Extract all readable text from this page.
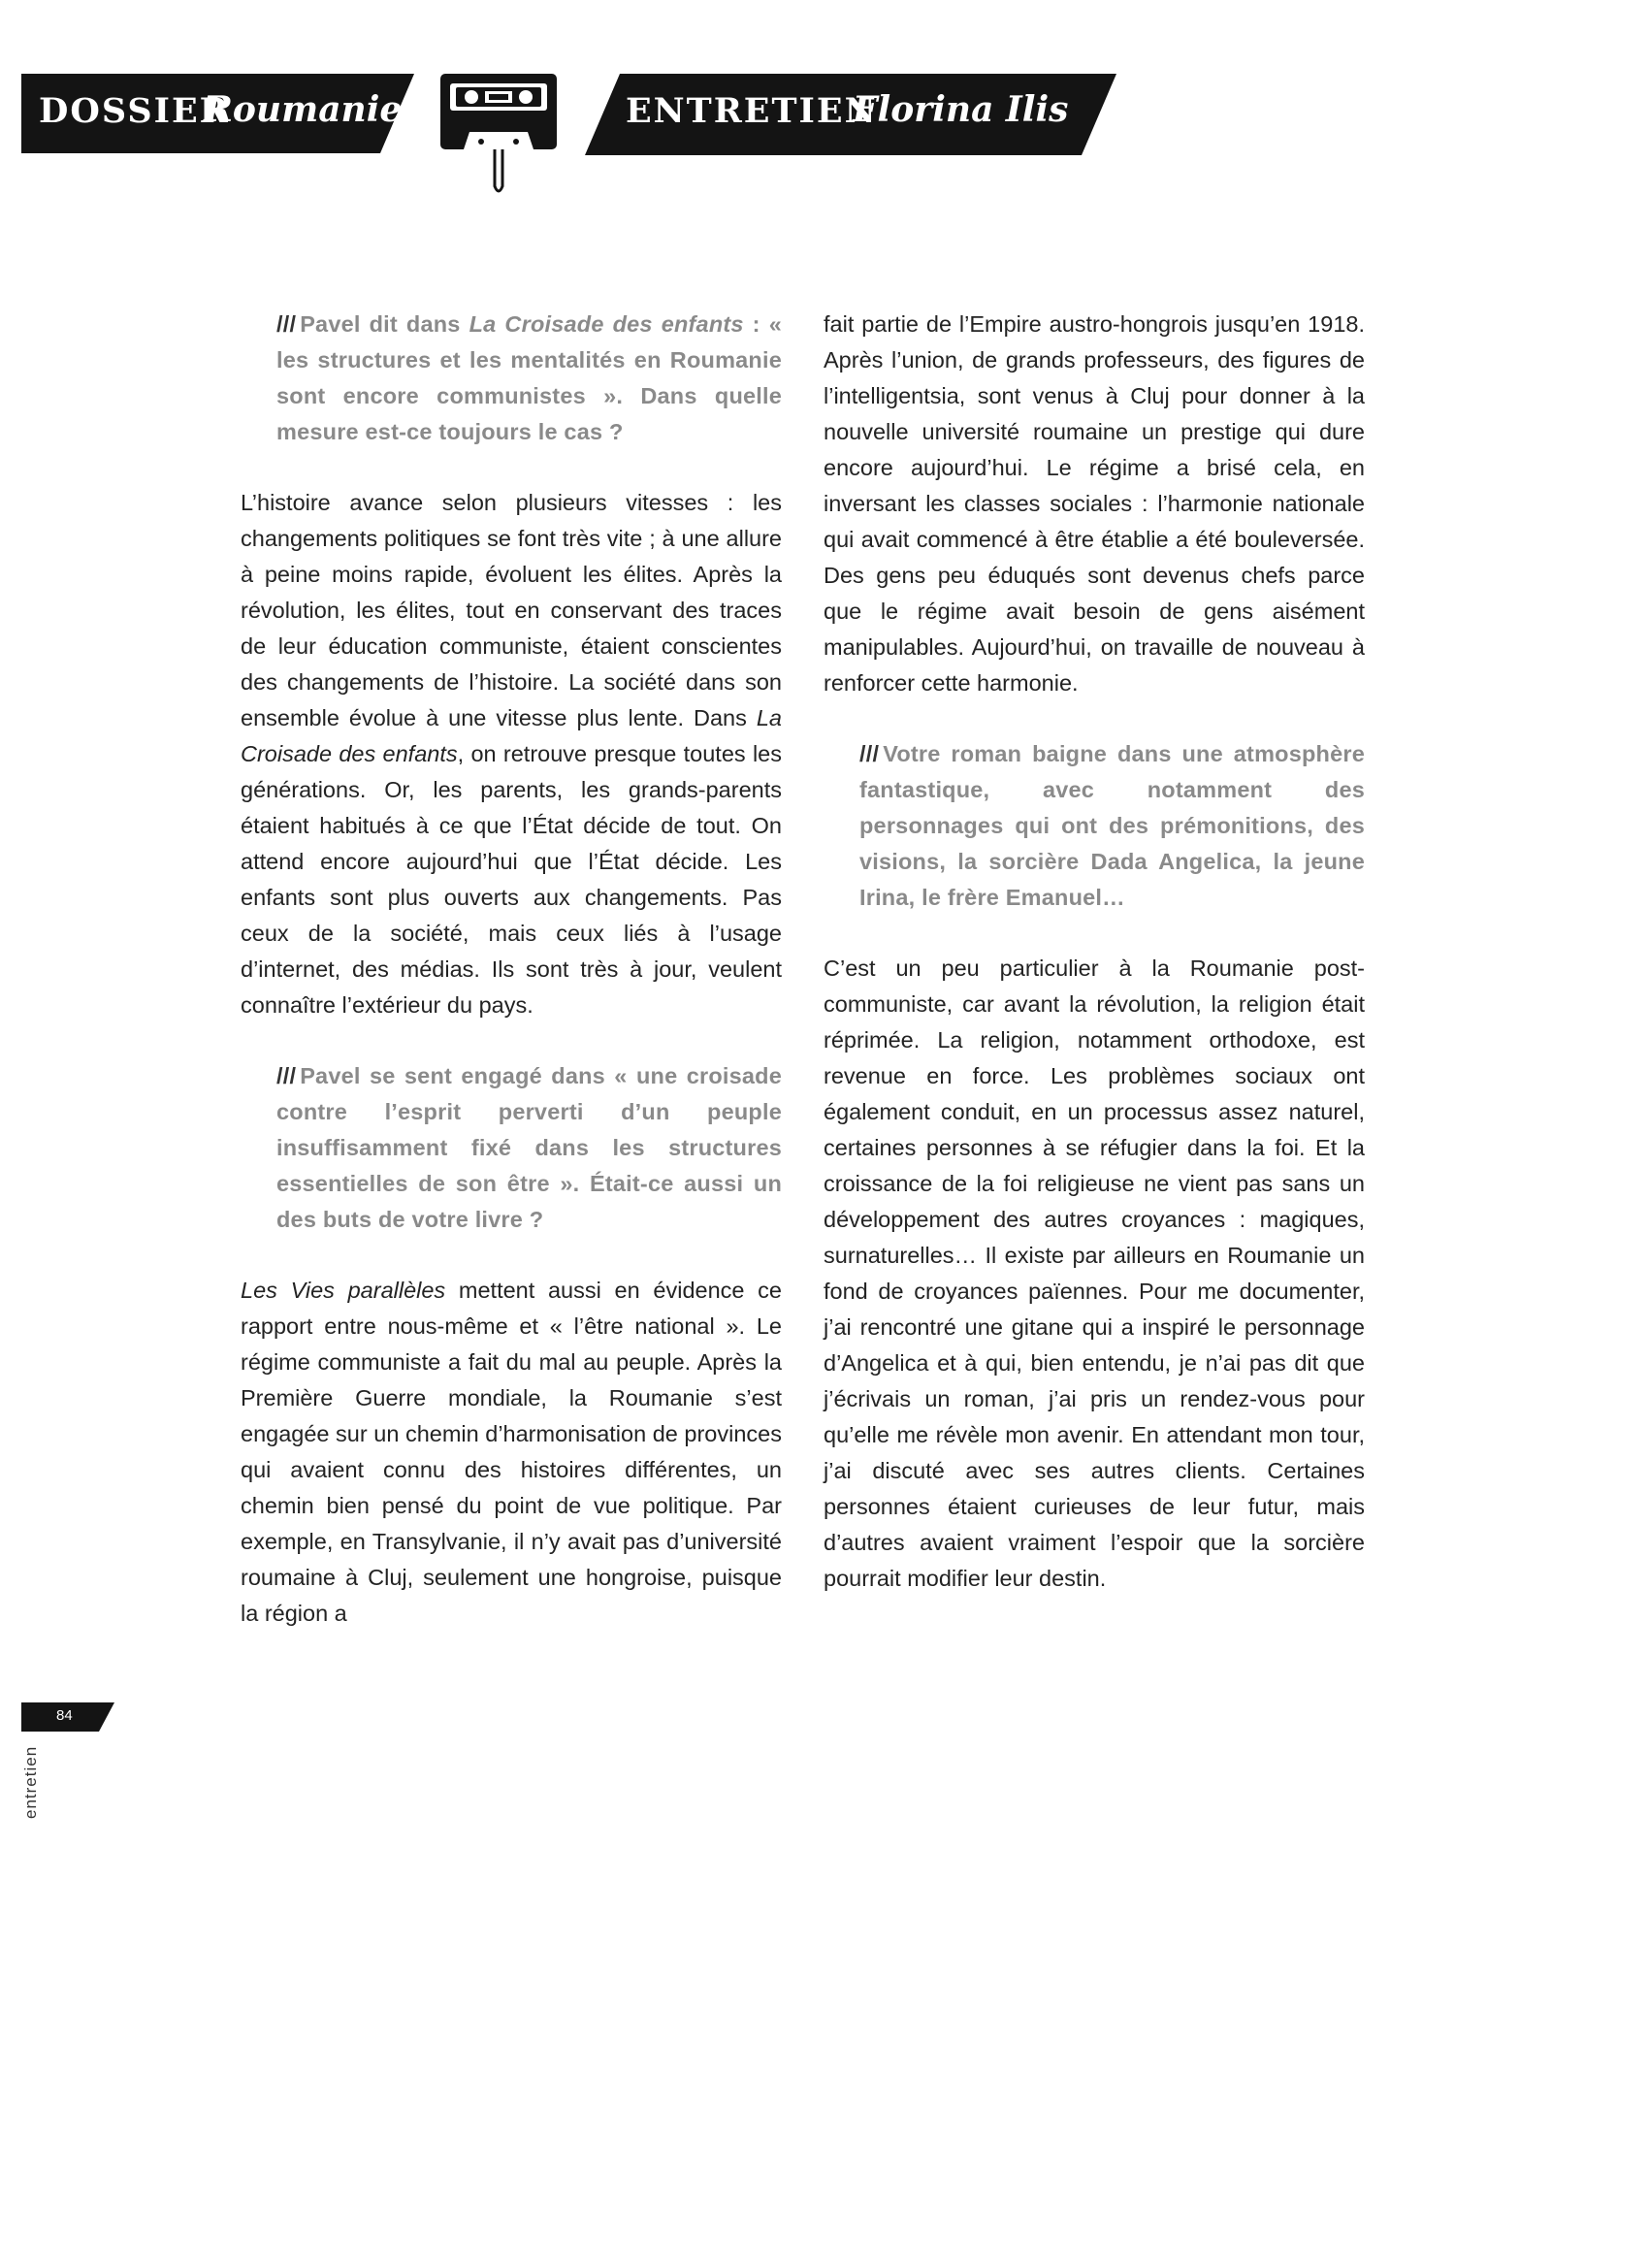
DOSSIER
Roumanie	ENTRETIEN
Florina Ilis

/// Pavel dit dans La Croisade des enfants : « les structures et les mentalités en Roumanie sont encore communistes ». Dans quelle mesure est-ce toujours le cas ?

L’histoire avance selon plusieurs vitesses : les changements politiques se font très vite ; à une allure à peine moins rapide, évoluent les élites. Après la révolution, les élites, tout en conservant des traces de leur éducation communiste, étaient conscientes des changements de l’histoire. La société dans son ensemble évolue à une vitesse plus lente. Dans La Croisade des enfants, on retrouve presque toutes les générations. Or, les parents, les grands-parents étaient habitués à ce que l’État décide de tout. On attend encore aujourd’hui que l’État décide. Les enfants sont plus ouverts aux changements. Pas ceux de la société, mais ceux liés à l’usage d’internet, des médias. Ils sont très à jour, veulent connaître l’extérieur du pays.

/// Pavel se sent engagé dans « une croisade contre l’esprit perverti d’un peuple insuffisamment fixé dans les structures essentielles de son être ». Était-ce aussi un des buts de votre livre ?

Les Vies parallèles mettent aussi en évidence ce rapport entre nous-même et « l’être national ». Le régime communiste a fait du mal au peuple. Après la Première Guerre mondiale, la Roumanie s’est engagée sur un chemin d’harmonisation de provinces qui avaient connu des histoires différentes, un chemin bien pensé du point de vue politique. Par exemple, en Transylvanie, il n’y avait pas d’université roumaine à Cluj, seulement une hongroise, puisque la région a

fait partie de l’Empire austro-hongrois jusqu’en 1918. Après l’union, de grands professeurs, des figures de l’intelligentsia, sont venus à Cluj pour donner à la nouvelle université roumaine un prestige qui dure encore aujourd’hui. Le régime a brisé cela, en inversant les classes sociales : l’harmonie nationale qui avait commencé à être établie a été bouleversée. Des gens peu éduqués sont devenus chefs parce que le régime avait besoin de gens aisément manipulables. Aujourd’hui, on travaille de nouveau à renforcer cette harmonie.

/// Votre roman baigne dans une atmosphère fantastique, avec notamment des personnages qui ont des prémonitions, des visions, la sorcière Dada Angelica, la jeune Irina, le frère Emanuel…

C’est un peu particulier à la Roumanie post-communiste, car avant la révolution, la religion était réprimée. La religion, notamment orthodoxe, est revenue en force. Les problèmes sociaux ont également conduit, en un processus assez naturel, certaines personnes à se réfugier dans la foi. Et la croissance de la foi religieuse ne vient pas sans un développement des autres croyances : magiques, surnaturelles… Il existe par ailleurs en Roumanie un fond de croyances païennes. Pour me documenter, j’ai rencontré une gitane qui a inspiré le personnage d’Angelica et à qui, bien entendu, je n’ai pas dit que j’écrivais un roman, j’ai pris un rendez-vous pour qu’elle me révèle mon avenir. En attendant mon tour, j’ai discuté avec ses autres clients. Certaines personnes étaient curieuses de leur futur, mais d’autres avaient vraiment l’espoir que la sorcière pourrait modifier leur destin.

84
entretien
